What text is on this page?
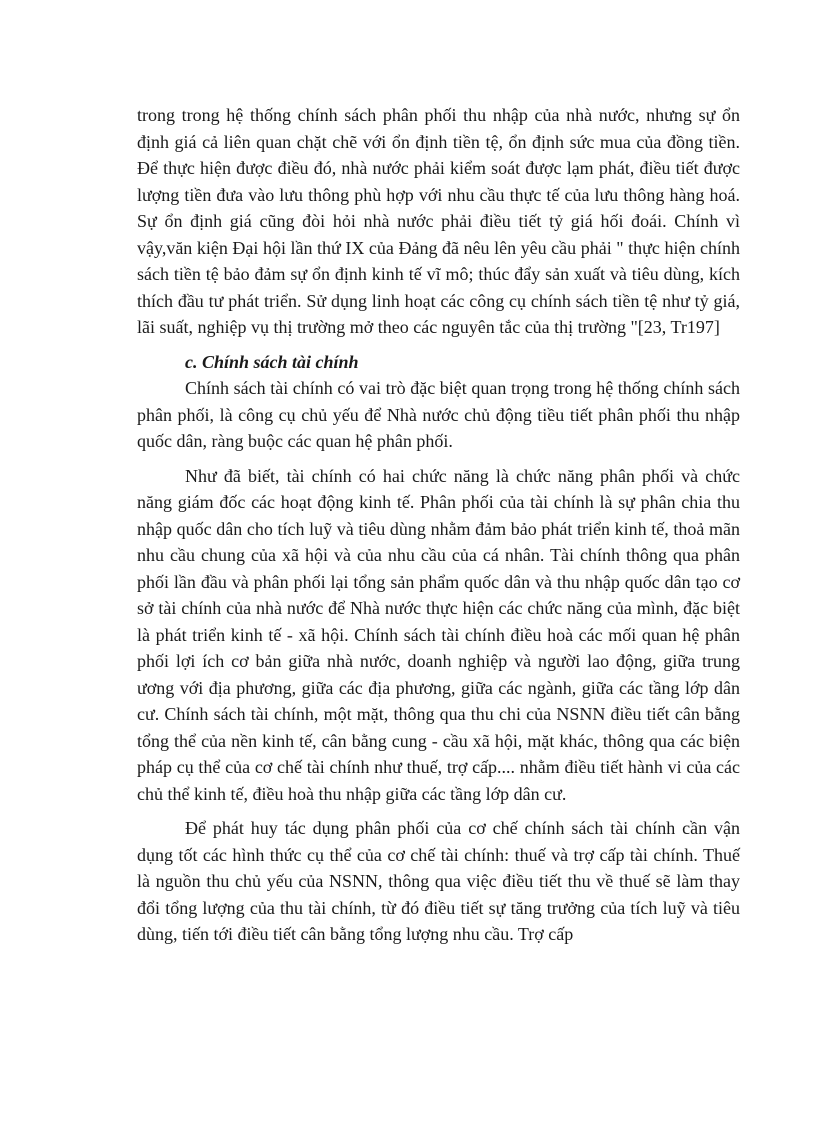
trong trong hệ thống chính sách phân phối thu nhập của nhà nước, nhưng sự ổn định giá cả liên quan chặt chẽ với ổn định tiền tệ, ổn định sức mua của đồng tiền. Để thực hiện được điều đó, nhà nước phải kiểm soát được lạm phát, điều tiết được lượng tiền đưa vào lưu thông phù hợp với nhu cầu thực tế của lưu thông hàng hoá. Sự ổn định giá cũng đòi hỏi nhà nước phải điều tiết tỷ giá hối đoái. Chính vì vậy,văn kiện Đại hội lần thứ IX của Đảng đã nêu lên yêu cầu phải " thực hiện chính sách tiền tệ bảo đảm sự ổn định kinh tế vĩ mô; thúc đẩy sản xuất và tiêu dùng, kích thích đầu tư phát triển. Sử dụng linh hoạt các công cụ chính sách tiền tệ như tỷ giá, lãi suất, nghiệp vụ thị trường mở theo các nguyên tắc của thị trường "[23, Tr197]

c. Chính sách tài chính

Chính sách tài chính có vai trò đặc biệt quan trọng trong hệ thống chính sách phân phối, là công cụ chủ yếu để Nhà nước chủ động tiều tiết phân phối thu nhập quốc dân, ràng buộc các quan hệ phân phối.

Như đã biết, tài chính có hai chức năng là chức năng phân phối và chức năng giám đốc các hoạt động kinh tế. Phân phối của tài chính là sự phân chia thu nhập quốc dân cho tích luỹ và tiêu dùng nhằm đảm bảo phát triển kinh tế, thoả mãn nhu cầu chung của xã hội và của nhu cầu của cá nhân. Tài chính thông qua phân phối lần đầu và phân phối lại tổng sản phẩm quốc dân và thu nhập quốc dân tạo cơ sở tài chính của nhà nước để Nhà nước thực hiện các chức năng của mình, đặc biệt là phát triển kinh tế - xã hội. Chính sách tài chính điều hoà các mối quan hệ phân phối lợi ích cơ bản giữa nhà nước, doanh nghiệp và người lao động, giữa trung ương với địa phương, giữa các địa phương, giữa các ngành, giữa các tầng lớp dân cư. Chính sách tài chính, một mặt, thông qua thu chi của NSNN điều tiết cân bằng tổng thể của nền kinh tế, cân bằng cung - cầu xã hội, mặt khác, thông qua các biện pháp cụ thể của cơ chế tài chính như thuế, trợ cấp.... nhằm điều tiết hành vi của các chủ thể kinh tế, điều hoà thu nhập giữa các tầng lớp dân cư.

Để phát huy tác dụng phân phối của cơ chế chính sách tài chính cần vận dụng tốt các hình thức cụ thể của cơ chế tài chính: thuế và trợ cấp tài chính. Thuế là nguồn thu chủ yếu của NSNN, thông qua việc điều tiết thu về thuế sẽ làm thay đổi tổng lượng của thu tài chính, từ đó điều tiết sự tăng trưởng của tích luỹ và tiêu dùng, tiến tới điều tiết cân bằng tổng lượng nhu cầu. Trợ cấp
